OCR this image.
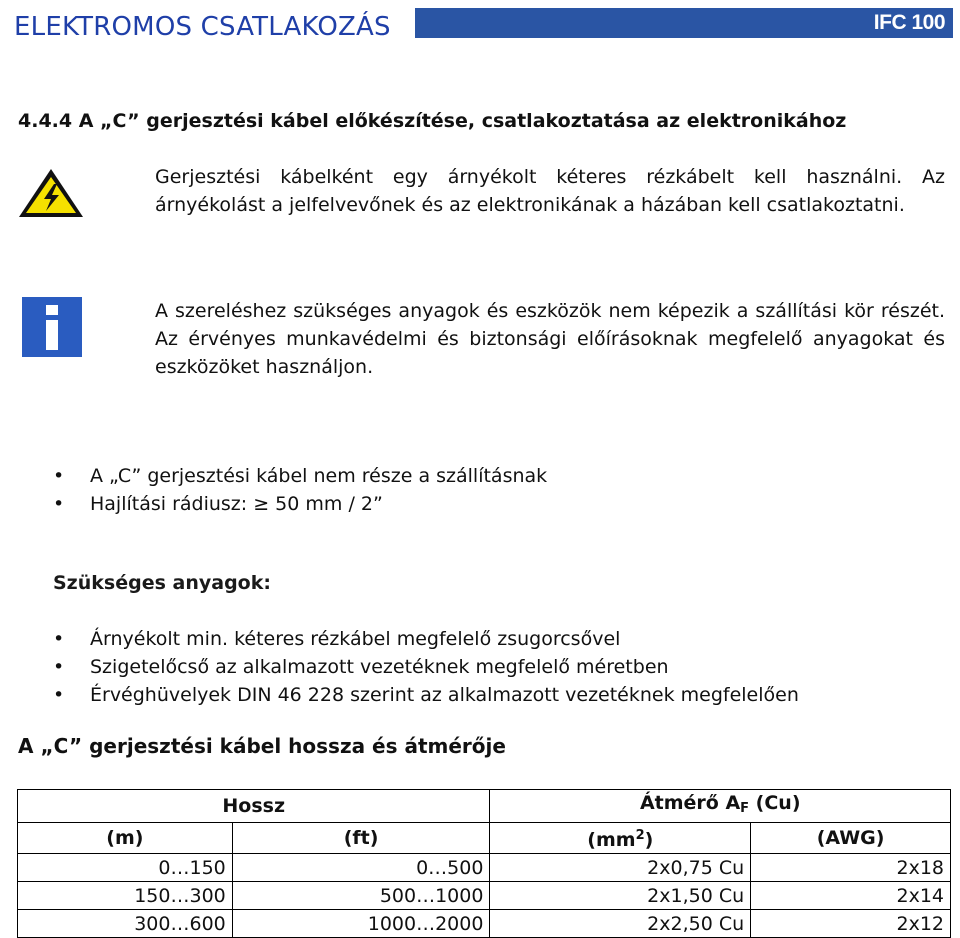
ELEKTROMOS CSATLAKOZÁS	IFC 100
4.4.4 A „C” gerjesztési kábel előkészítése, csatlakoztatása az elektronikához
Gerjesztési kábelként egy árnyékolt kéteres rézkábelt kell használni. Az árnyékolást a jelfelvevőnek és az elektronikának a házában kell csatlakoztatni.
A szereléshez szükséges anyagok és eszközök nem képezik a szállítási kör részét. Az érvényes munkavédelmi és biztonsági előírásoknak megfelelő anyagokat és eszközöket használjon.
• A „C” gerjesztési kábel nem része a szállításnak
• Hajlítási rádiusz: ≥ 50 mm / 2”
Szükséges anyagok:
• Árnyékolt min. kéteres rézkábel megfelelő zsugorcsővel
• Szigetelőcső az alkalmazott vezetéknek megfelelő méretben
• Érvéghüvelyek DIN 46 228 szerint az alkalmazott vezetéknek megfelelően
A „C” gerjesztési kábel hossza és átmérője
Hossz		Átmérő $A_F$ (Cu)	
(m)	(ft)	$(mm^2)$	(AWG)
0…150	0…500	2x0,75 Cu	2x18
150…300	500…1000	2x1,50 Cu	2x14
300…600	1000…2000	2x2,50 Cu	2x12
